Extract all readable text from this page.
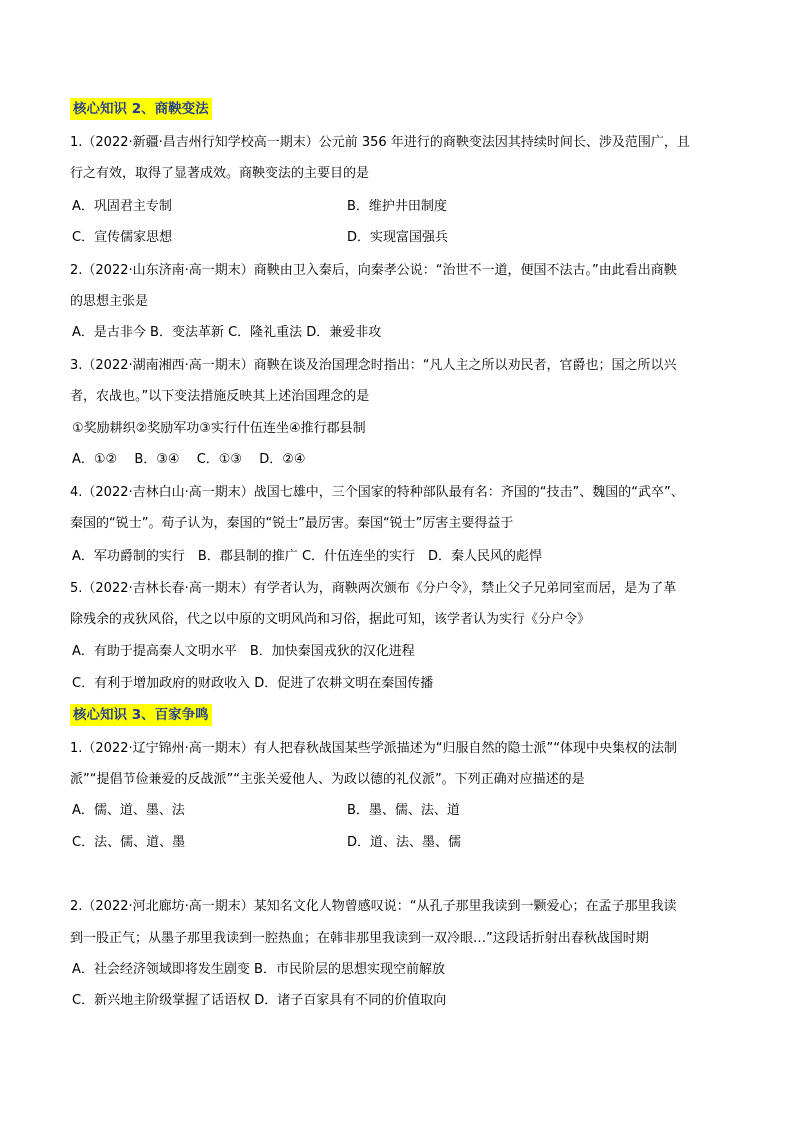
核心知识 2、商鞅变法
1.（2022·新疆·昌吉州行知学校高一期末）公元前 356 年进行的商鞅变法因其持续时间长、涉及范围广，且
行之有效，取得了显著成效。商鞅变法的主要目的是
A．巩固君主专制	B．维护井田制度
C．宣传儒家思想	D．实现富国强兵
2.（2022·山东济南·高一期末）商鞅由卫入秦后，向秦孝公说：“治世不一道，便国不法古。”由此看出商鞅
的思想主张是
A．是古非今 B．变法革新 C．隆礼重法 D．兼爱非攻
3.（2022·湖南湘西·高一期末）商鞅在谈及治国理念时指出：“凡人主之所以劝民者，官爵也；国之所以兴
者，农战也。”以下变法措施反映其上述治国理念的是
①奖励耕织②奖励军功③实行什伍连坐④推行郡县制
A．①②　 B．③④　 C．①③　 D．②④
4.（2022·吉林白山·高一期末）战国七雄中，三个国家的特种部队最有名：齐国的“技击”、魏国的“武卒”、
秦国的“锐士”。荀子认为，秦国的“锐士”最厉害。秦国“锐士”厉害主要得益于
A．军功爵制的实行　B．郡县制的推广 C．什伍连坐的实行　D．秦人民风的彪悍
5.（2022·吉林长春·高一期末）有学者认为，商鞅两次颁布《分户令》，禁止父子兄弟同室而居，是为了革
除残余的戎狄风俗，代之以中原的文明风尚和习俗，据此可知，该学者认为实行《分户令》
A．有助于提高秦人文明水平　B．加快秦国戎狄的汉化进程
C．有利于增加政府的财政收入 D．促进了农耕文明在秦国传播
核心知识 3、百家争鸣
1.（2022·辽宁锦州·高一期末）有人把春秋战国某些学派描述为“归服自然的隐士派”“体现中央集权的法制
派”“提倡节俭兼爱的反战派”“主张关爱他人、为政以德的礼仪派”。下列正确对应描述的是
A．儒、道、墨、法	B．墨、儒、法、道
C．法、儒、道、墨	D．道、法、墨、儒
2.（2022·河北廊坊·高一期末）某知名文化人物曾感叹说：“从孔子那里我读到一颗爱心；在孟子那里我读
到一股正气；从墨子那里我读到一腔热血；在韩非那里我读到一双冷眼…”这段话折射出春秋战国时期
A．社会经济领域即将发生剧变 B．市民阶层的思想实现空前解放
C．新兴地主阶级掌握了话语权 D．诸子百家具有不同的价值取向
